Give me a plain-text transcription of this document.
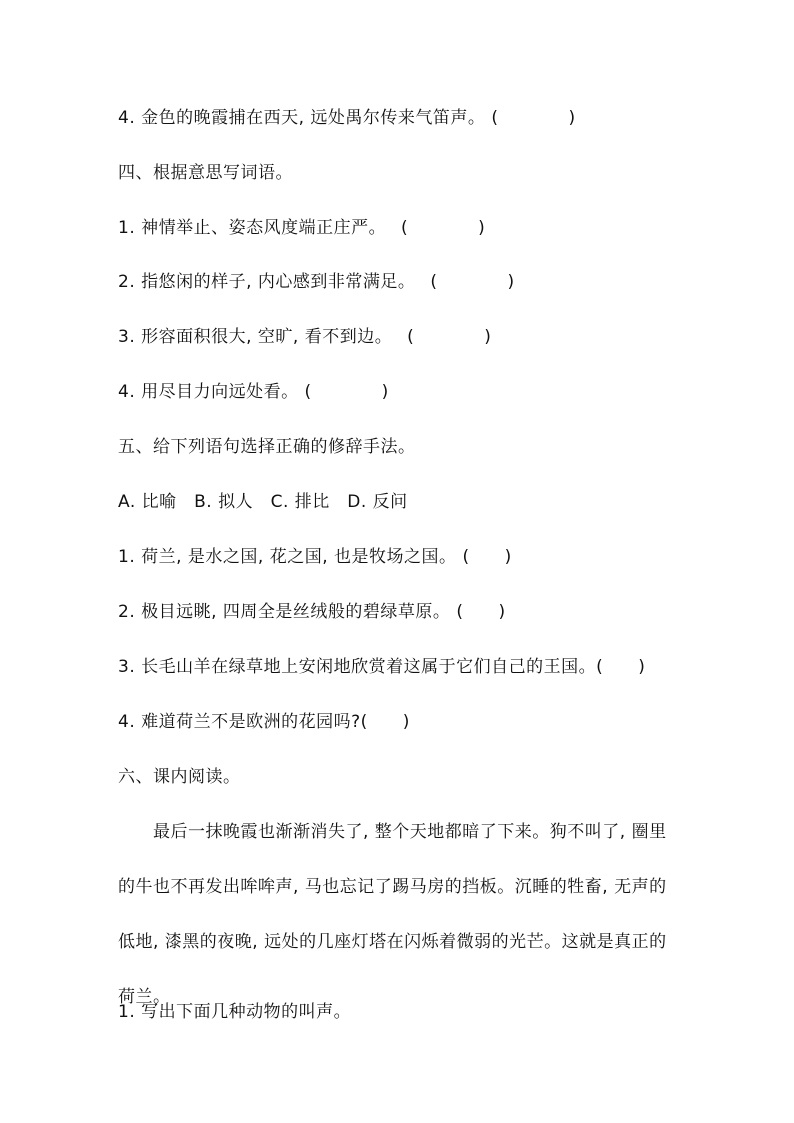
4. 金色的晚霞捕在西天, 远处禺尔传来气笛声。 (　　　　)
四、根据意思写词语。
1. 神情举止、姿态风度端正庄严。　 (　　　　)
2. 指悠闲的样子, 内心感到非常满足。　 (　　　　)
3. 形容面积很大, 空旷, 看不到边。　 (　　　　)
4. 用尽目力向远处看。 (　　　　)
五、给下列语句选择正确的修辞手法。
A. 比喻　B. 拟人　C. 排比　D. 反问
1. 荷兰, 是水之国, 花之国, 也是牧场之国。 (　　)
2. 极目远眺, 四周全是丝绒般的碧绿草原。 (　　)
3. 长毛山羊在绿草地上安闲地欣赏着这属于它们自己的王国。(　　)
4. 难道荷兰不是欧洲的花园吗?(　　)
六、课内阅读。
　　最后一抹晚霞也渐渐消失了, 整个天地都暗了下来。狗不叫了, 圈里的牛也不再发出哞哞声, 马也忘记了踢马房的挡板。沉睡的牲畜, 无声的低地, 漆黑的夜晚, 远处的几座灯塔在闪烁着微弱的光芒。这就是真正的荷兰。
1. 写出下面几种动物的叫声。
